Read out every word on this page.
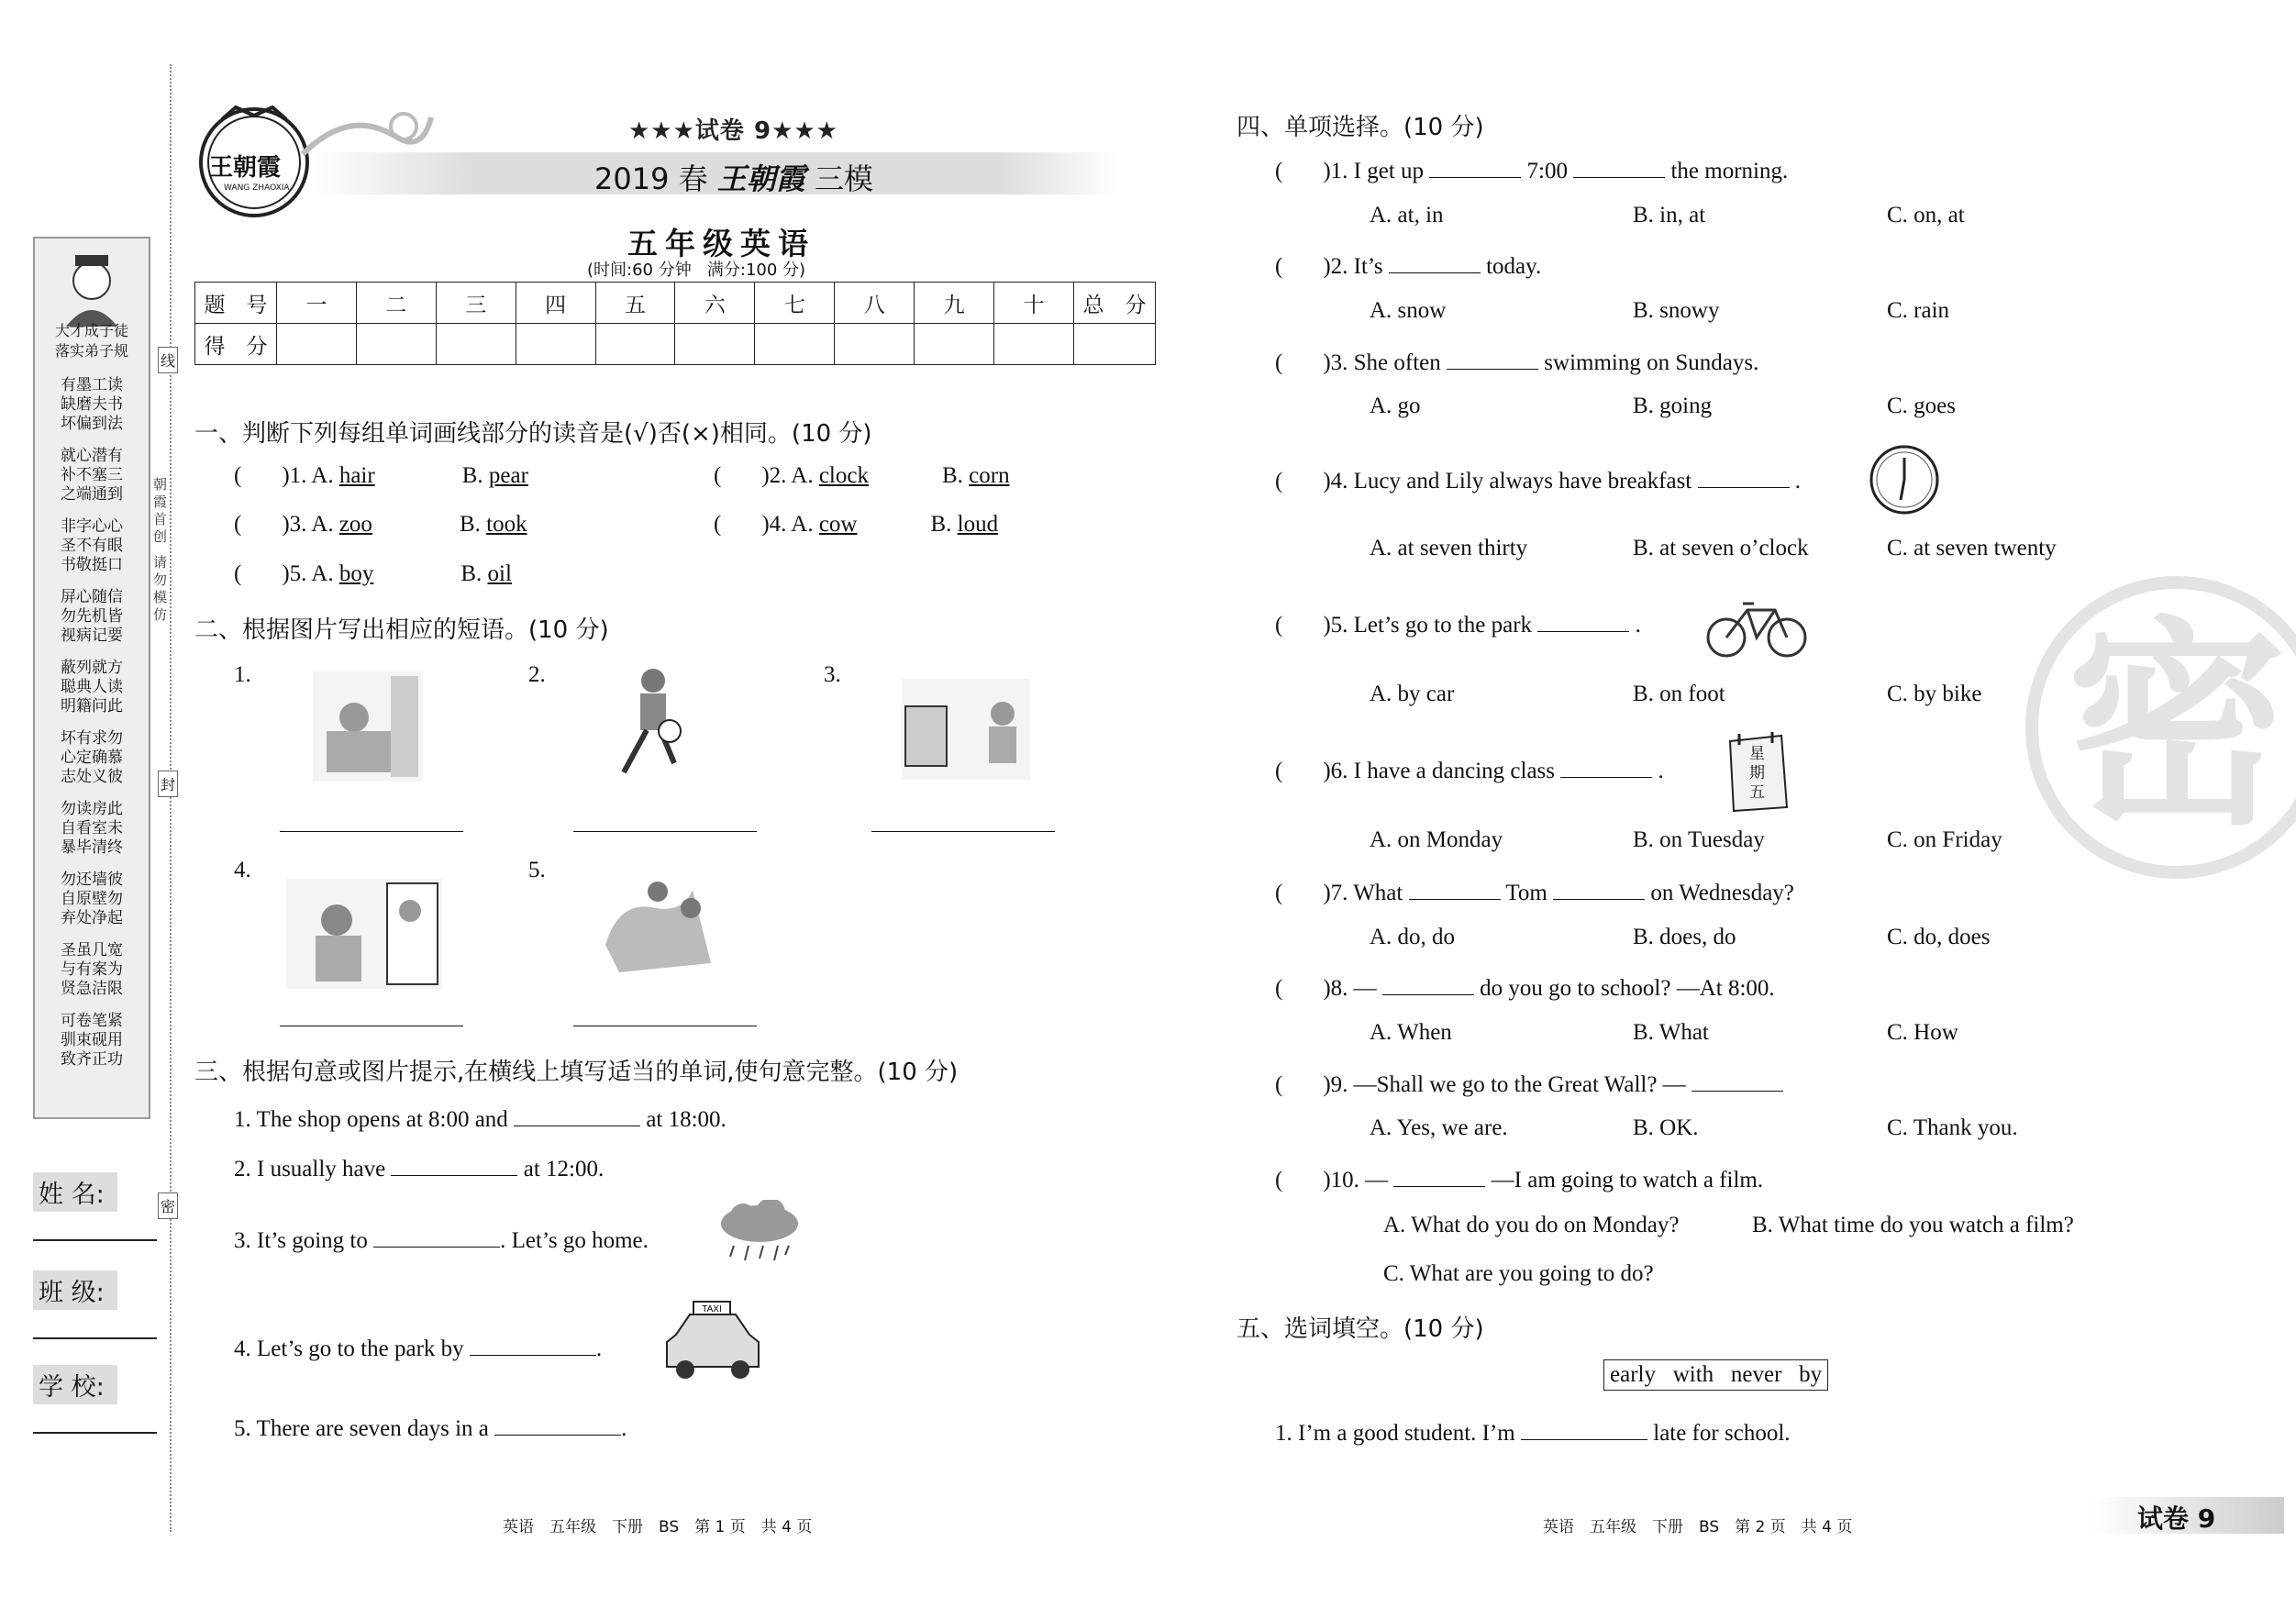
大才成子徒
落实弟子规
有墨工读
缺磨夫书
坏偏到法
就心潜有
补不塞三
之端通到
非字心心
圣不有眼
书敬挺口
屏心随信
勿先机皆
视病记要
蔽列就方
聪典人读
明籍问此
坏有求勿
心定确慕
志处义彼
勿读房此
自看室未
暴毕清终
勿还墙彼
自原壁勿
弃处净起
圣虽几宽
与有案为
贤急洁限
可卷笔紧
驯束砚用
致齐正功
朝霞首创 请勿模仿
线
封
密
姓 名:
班 级:
学 校:
王朝霞
WANG ZHAOXIA
★★★试卷 9★★★
2019 春 王朝霞 三模
五年级英语
(时间:60 分钟   满分:100 分)
题　号	一	二	三	四	五	六	七	八	九	十	总　分
得　分											
一、判断下列每组单词画线部分的读音是(√)否(×)相同。(10 分)
( )1. A. hair	B. pear	( )2. A. clock	B. corn
( )3. A. zoo	B. took	( )4. A. cow	B. loud
( )5. A. boy	B. oil
二、根据图片写出相应的短语。(10 分)
1.	2.	3.
4.	5.
三、根据句意或图片提示,在横线上填写适当的单词,使句意完整。(10 分)
1. The shop opens at 8:00 and	at 18:00.
2. I usually have	at 12:00.
3. It’s going to	. Let’s go home.
4. Let’s go to the park by	.
TAXI
5. There are seven days in a	.
英语　五年级　下册　BS　第 1 页　共 4 页
四、单项选择。(10 分)
( )1. I get up	7:00	the morning.
A. at, in	B. in, at	C. on, at
( )2. It’s	today.
A. snow	B. snowy	C. rain
( )3. She often	swimming on Sundays.
A. go	B. going	C. goes
( )4. Lucy and Lily always have breakfast	.
A. at seven thirty	B. at seven o’clock	C. at seven twenty
( )5. Let’s go to the park	.
A. by car	B. on foot	C. by bike
( )6. I have a dancing class	.
A. on Monday	B. on Tuesday	C. on Friday
( )7. What	Tom	on Wednesday?
A. do, do	B. does, do	C. do, does
( )8. —	do you go to school? —At 8:00.
A. When	B. What	C. How
( )9. —Shall we go to the Great Wall? —
A. Yes, we are.	B. OK.	C. Thank you.
( )10. —	—I am going to watch a film.
A. What do you do on Monday?	B. What time do you watch a film?
C. What are you going to do?
星
期
五
五、选词填空。(10 分)
early   with   never   by
1. I’m a good student. I’m	late for school.
密
英语　五年级　下册　BS　第 2 页　共 4 页	试卷 9
